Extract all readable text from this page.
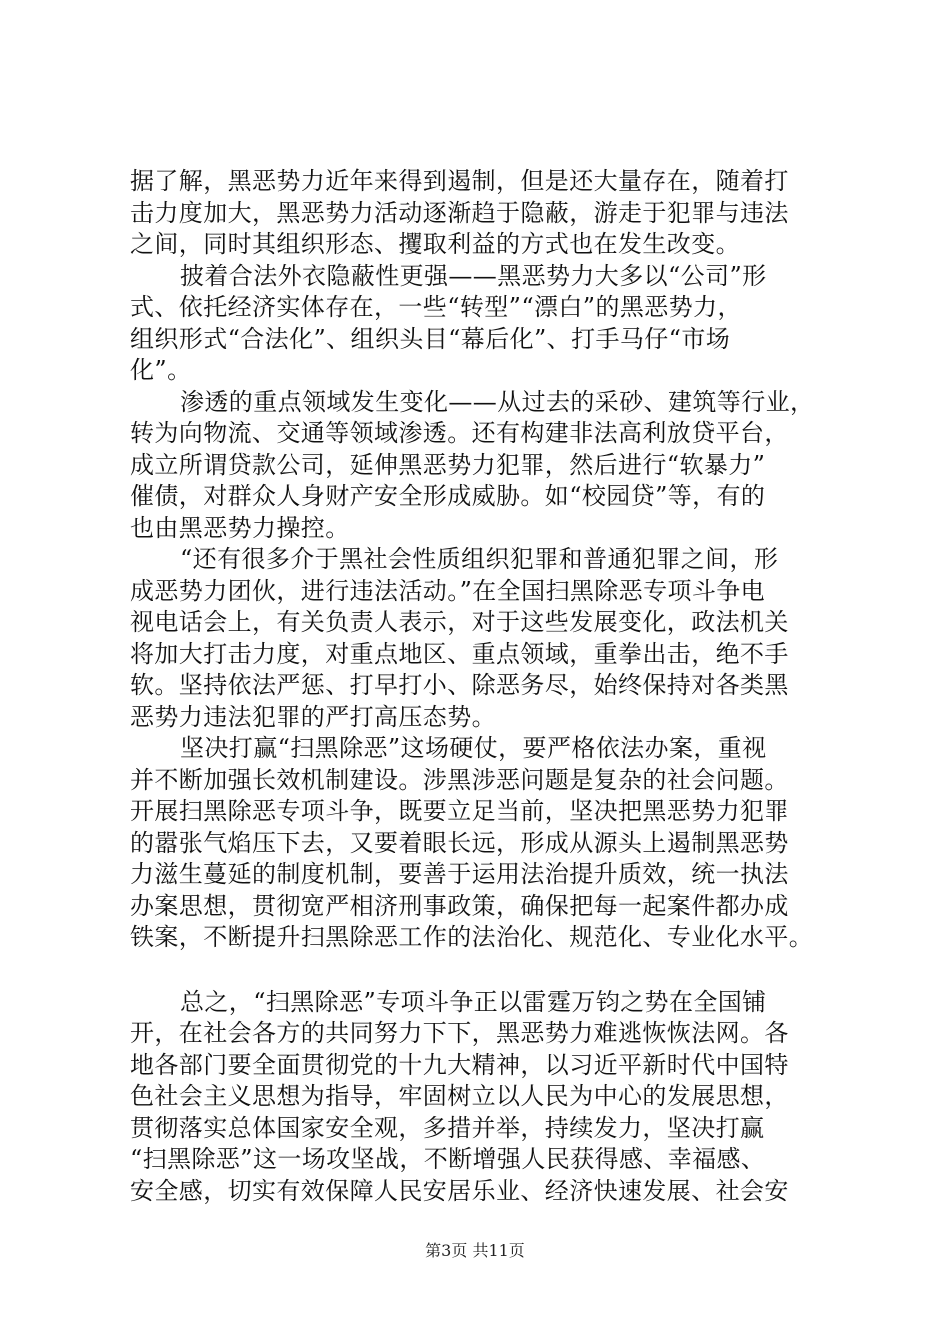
据了解，黑恶势力近年来得到遏制，但是还大量存在，随着打
击力度加大，黑恶势力活动逐渐趋于隐蔽，游走于犯罪与违法
之间，同时其组织形态、攫取利益的方式也在发生改变。
披着合法外衣隐蔽性更强——黑恶势力大多以“公司”形
式、依托经济实体存在，一些“转型”“漂白”的黑恶势力，
组织形式“合法化”、组织头目“幕后化”、打手马仔“市场
化”。
渗透的重点领域发生变化——从过去的采砂、建筑等行业，
转为向物流、交通等领域渗透。还有构建非法高利放贷平台，
成立所谓贷款公司，延伸黑恶势力犯罪，然后进行“软暴力”
催债，对群众人身财产安全形成威胁。如“校园贷”等，有的
也由黑恶势力操控。
“还有很多介于黑社会性质组织犯罪和普通犯罪之间，形
成恶势力团伙，进行违法活动。”在全国扫黑除恶专项斗争电
视电话会上，有关负责人表示，对于这些发展变化，政法机关
将加大打击力度，对重点地区、重点领域，重拳出击，绝不手
软。坚持依法严惩、打早打小、除恶务尽，始终保持对各类黑
恶势力违法犯罪的严打高压态势。
坚决打赢“扫黑除恶”这场硬仗，要严格依法办案，重视
并不断加强长效机制建设。涉黑涉恶问题是复杂的社会问题。
开展扫黑除恶专项斗争，既要立足当前，坚决把黑恶势力犯罪
的嚣张气焰压下去，又要着眼长远，形成从源头上遏制黑恶势
力滋生蔓延的制度机制，要善于运用法治提升质效，统一执法
办案思想，贯彻宽严相济刑事政策，确保把每一起案件都办成
铁案，不断提升扫黑除恶工作的法治化、规范化、专业化水平。
总之，“扫黑除恶”专项斗争正以雷霆万钧之势在全国铺
开，在社会各方的共同努力下下，黑恶势力难逃恢恢法网。各
地各部门要全面贯彻党的十九大精神，以习近平新时代中国特
色社会主义思想为指导，牢固树立以人民为中心的发展思想，
贯彻落实总体国家安全观，多措并举，持续发力，坚决打赢
“扫黑除恶”这一场攻坚战，不断增强人民获得感、幸福感、
安全感，切实有效保障人民安居乐业、经济快速发展、社会安
第3页 共11页
